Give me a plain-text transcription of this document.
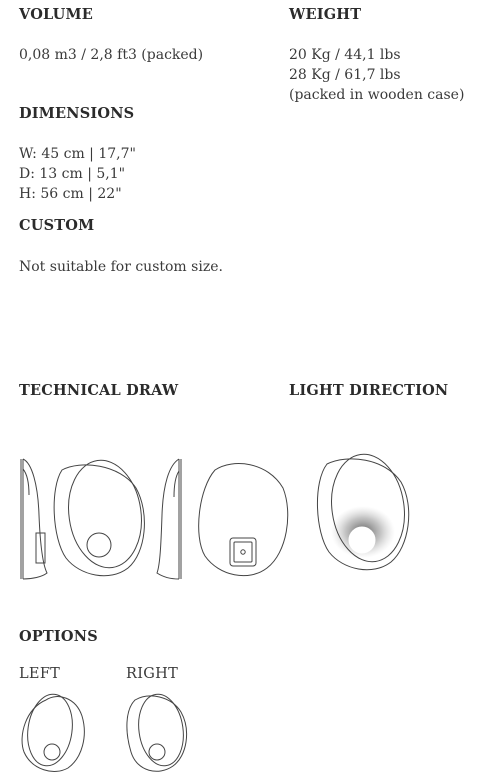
VOLUME
0,08 m3 / 2,8 ft3 (packed)
WEIGHT
20 Kg / 44,1 lbs
28 Kg / 61,7 lbs
(packed in wooden case)
DIMENSIONS
W: 45 cm | 17,7"
D: 13 cm | 5,1"
H: 56 cm | 22"
CUSTOM
Not suitable for custom size.
TECHNICAL DRAW	LIGHT DIRECTION
OPTIONS
LEFT	RIGHT
